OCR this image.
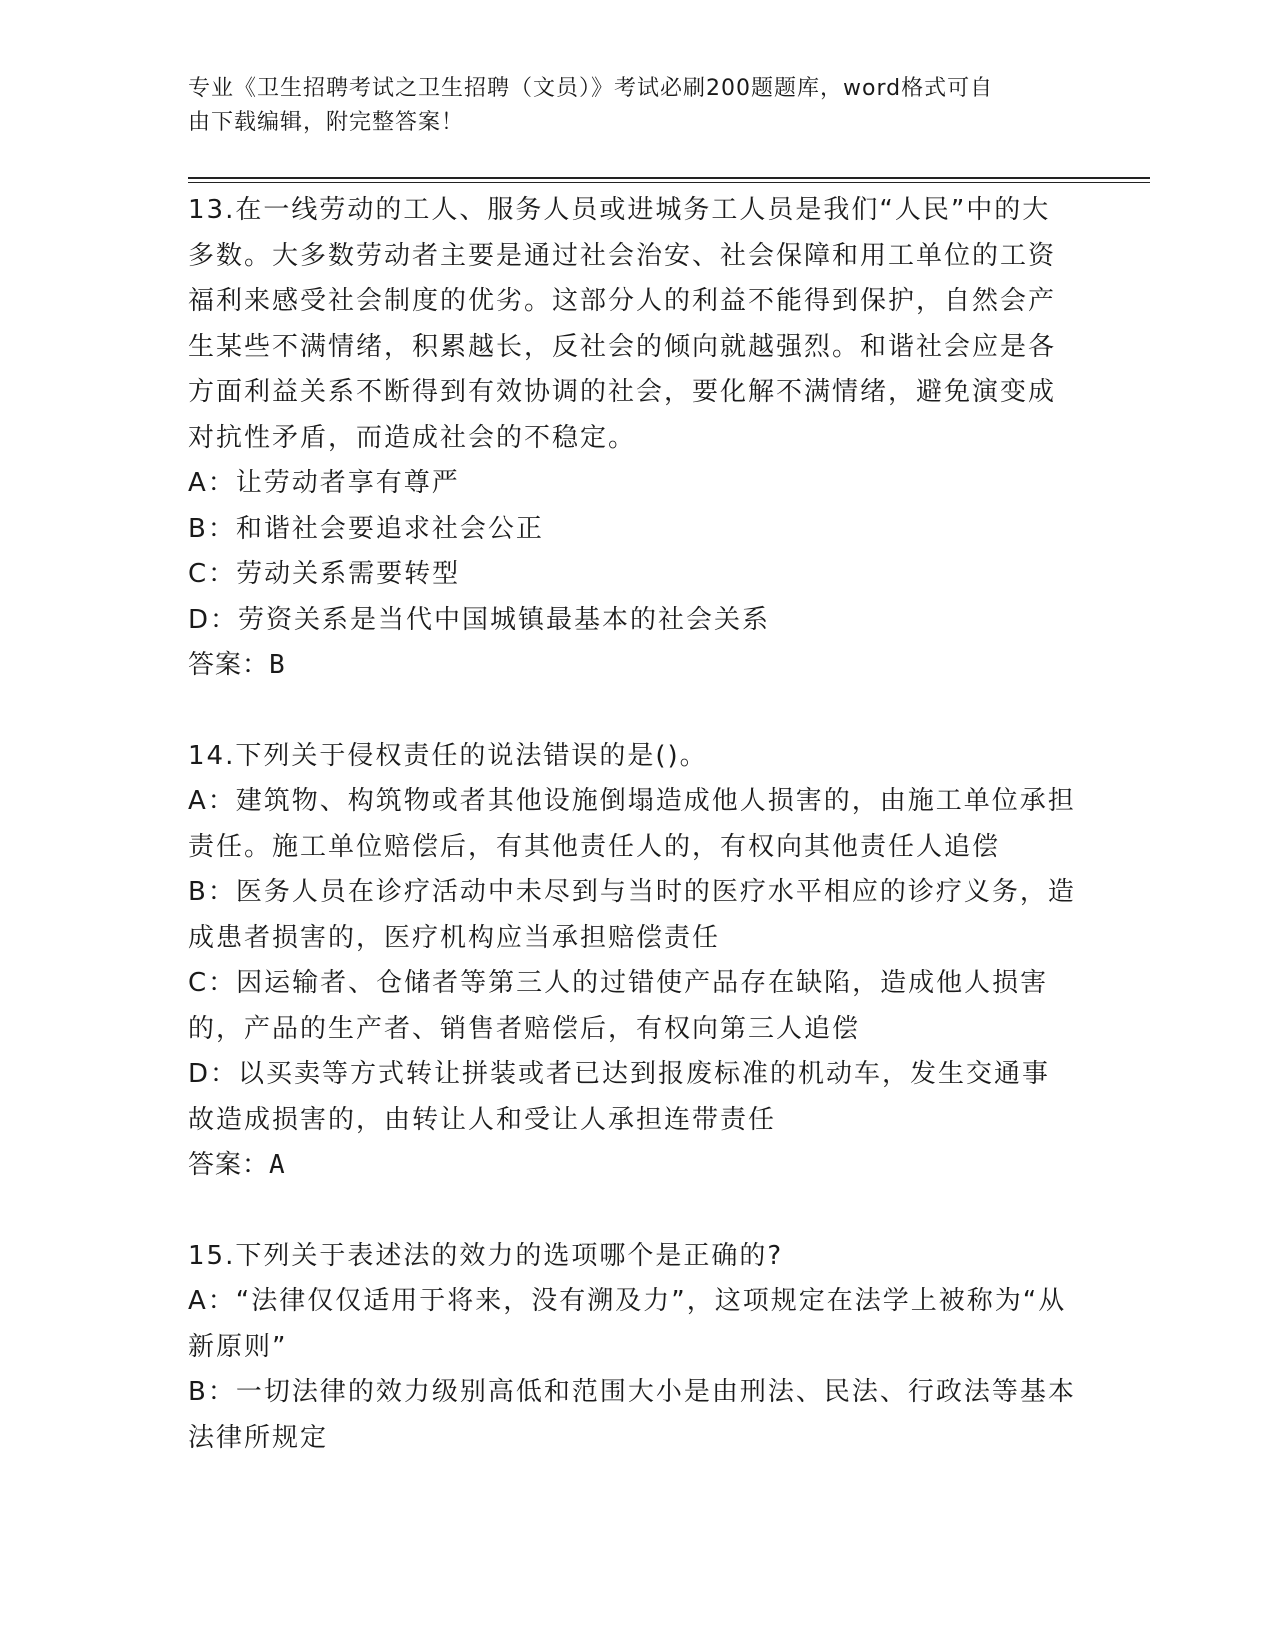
专业《卫生招聘考试之卫生招聘（文员）》考试必刷200题题库，word格式可自
由下载编辑，附完整答案！

13.在一线劳动的工人、服务人员或进城务工人员是我们“人民”中的大多数。大多数劳动者主要是通过社会治安、社会保障和用工单位的工资福利来感受社会制度的优劣。这部分人的利益不能得到保护，自然会产生某些不满情绪，积累越长，反社会的倾向就越强烈。和谐社会应是各方面利益关系不断得到有效协调的社会，要化解不满情绪，避免演变成对抗性矛盾，而造成社会的不稳定。

A：让劳动者享有尊严

B：和谐社会要追求社会公正

C：劳动关系需要转型

D：劳资关系是当代中国城镇最基本的社会关系

答案：B

14.下列关于侵权责任的说法错误的是()。

A：建筑物、构筑物或者其他设施倒塌造成他人损害的，由施工单位承担责任。施工单位赔偿后，有其他责任人的，有权向其他责任人追偿

B：医务人员在诊疗活动中未尽到与当时的医疗水平相应的诊疗义务，造成患者损害的，医疗机构应当承担赔偿责任

C：因运输者、仓储者等第三人的过错使产品存在缺陷，造成他人损害的，产品的生产者、销售者赔偿后，有权向第三人追偿

D：以买卖等方式转让拼装或者已达到报废标准的机动车，发生交通事故造成损害的，由转让人和受让人承担连带责任

答案：A

15.下列关于表述法的效力的选项哪个是正确的?

A：“法律仅仅适用于将来，没有溯及力”，这项规定在法学上被称为“从新原则”

B：一切法律的效力级别高低和范围大小是由刑法、民法、行政法等基本法律所规定
